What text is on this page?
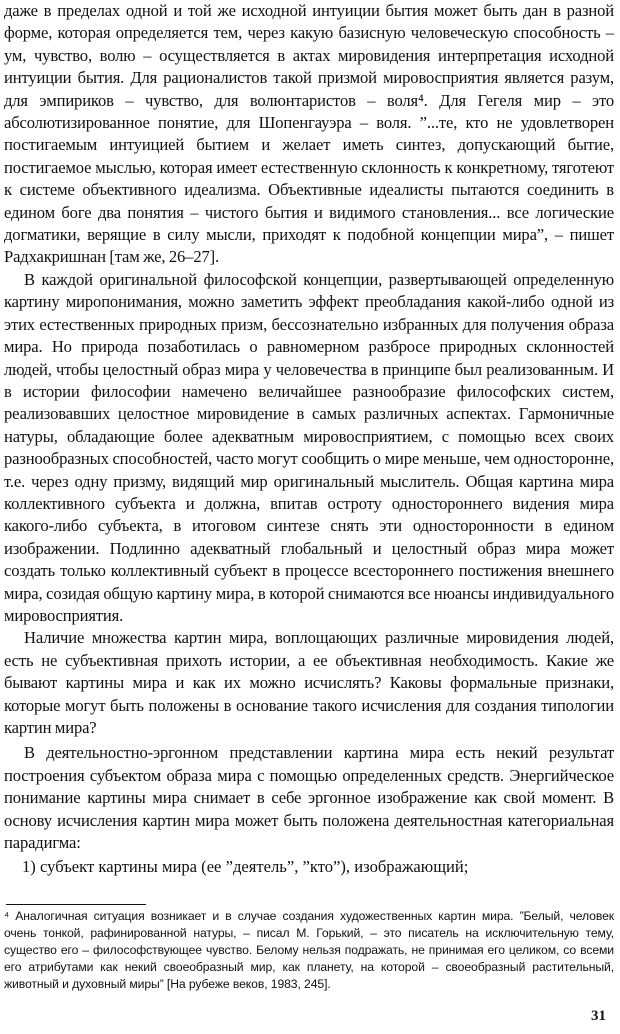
даже в пределах одной и той же исходной интуиции бытия может быть дан в разной форме, которая определяется тем, через какую базисную человеческую способность – ум, чувство, волю – осуществляется в актах мировидения интерпретация исходной интуиции бытия. Для рационалистов такой призмой мировосприятия является разум, для эмпириков – чувство, для волюнтаристов – воля⁴. Для Гегеля мир – это абсолютизированное понятие, для Шопенгауэра – воля. ”...те, кто не удовлетворен постигаемым интуицией бытием и желает иметь синтез, допускающий бытие, постигаемое мыслью, которая имеет естественную склонность к конкретному, тяготеют к системе объективного идеализма. Объективные идеалисты пытаются соединить в едином боге два понятия – чистого бытия и видимого становления... все логические догматики, верящие в силу мысли, приходят к подобной концепции мира”, – пишет Радхакришнан [там же, 26–27].

В каждой оригинальной философской концепции, развертывающей определенную картину миропонимания, можно заметить эффект преобладания какой-либо одной из этих естественных природных призм, бессознательно избранных для получения образа мира. Но природа позаботилась о равномерном разбросе природных склонностей людей, чтобы целостный образ мира у человечества в принципе был реализованным. И в истории философии намечено величайшее разнообразие философских систем, реализовавших целостное мировидение в самых различных аспектах. Гармоничные натуры, обладающие более адекватным мировосприятием, с помощью всех своих разнообразных способностей, часто могут сообщить о мире меньше, чем односторонне, т.е. через одну призму, видящий мир оригинальный мыслитель. Общая картина мира коллективного субъекта и должна, впитав остроту одностороннего видения мира какого-либо субъекта, в итоговом синтезе снять эти односторонности в едином изображении. Подлинно адекватный глобальный и целостный образ мира может создать только коллективный субъект в процессе всестороннего постижения внешнего мира, созидая общую картину мира, в которой снимаются все нюансы индивидуального мировосприятия.

Наличие множества картин мира, воплощающих различные мировидения людей, есть не субъективная прихоть истории, а ее объективная необходимость. Какие же бывают картины мира и как их можно исчислять? Каковы формальные признаки, которые могут быть положены в основание такого исчисления для создания типологии картин мира?

В деятельностно-эргонном представлении картина мира есть некий результат построения субъектом образа мира с помощью определенных средств. Энергийческое понимание картины мира снимает в себе эргонное изображение как свой момент. В основу исчисления картин мира может быть положена деятельностная категориальная парадигма:

1) субъект картины мира (ее ”деятель”, ”кто”), изображающий;

⁴ Аналогичная ситуация возникает и в случае создания художественных картин мира. ”Белый, человек очень тонкой, рафинированной натуры, – писал М. Горький, – это писатель на исключительную тему, существо его – философствующее чувство. Белому нельзя подражать, не принимая его целиком, со всеми его атрибутами как некий своеобразный мир, как планету, на которой – своеобразный растительный, животный и духовный миры” [На рубеже веков, 1983, 245].

31
